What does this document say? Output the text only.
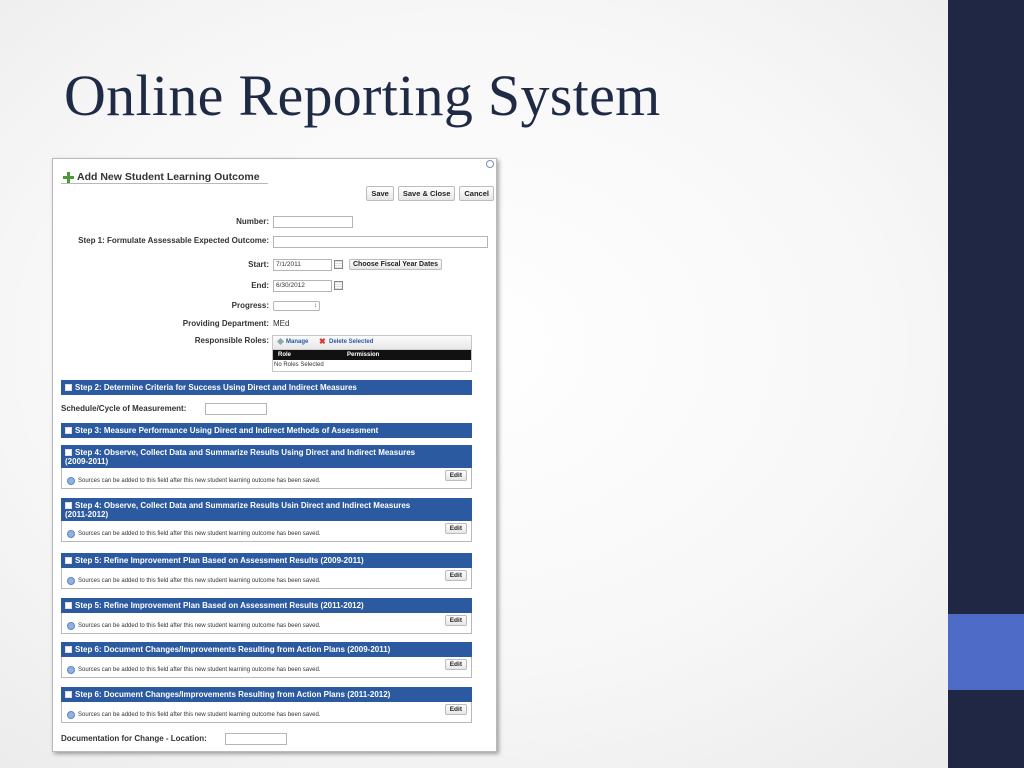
Online Reporting System
Add New Student Learning Outcome
Save	Save & Close	Cancel
Number:
Step 1: Formulate Assessable Expected Outcome:
Start:	7/1/2011	Choose Fiscal Year Dates
End:	6/30/2012
Progress:	↕
Providing Department: MEd
Responsible Roles:	Manage ✖ Delete Selected
Role	Permission
No Roles Selected
Step 2: Determine Criteria for Success Using Direct and Indirect Measures
Schedule/Cycle of Measurement:
Step 3: Measure Performance Using Direct and Indirect Methods of Assessment
Step 4: Observe, Collect Data and Summarize Results Using Direct and Indirect Measures
(2009-2011)
Edit
Sources can be added to this field after this new student learning outcome has been saved.
Step 4: Observe, Collect Data and Summarize Results Usin Direct and Indirect Measures
(2011-2012)
Edit
Sources can be added to this field after this new student learning outcome has been saved.
Step 5: Refine Improvement Plan Based on Assessment Results (2009-2011)
Edit
Sources can be added to this field after this new student learning outcome has been saved.
Step 5: Refine Improvement Plan Based on Assessment Results (2011-2012)
Edit
Sources can be added to this field after this new student learning outcome has been saved.
Step 6: Document Changes/Improvements Resulting from Action Plans (2009-2011)
Edit
Sources can be added to this field after this new student learning outcome has been saved.
Step 6: Document Changes/Improvements Resulting from Action Plans (2011-2012)
Edit
Sources can be added to this field after this new student learning outcome has been saved.
Documentation for Change - Location:
